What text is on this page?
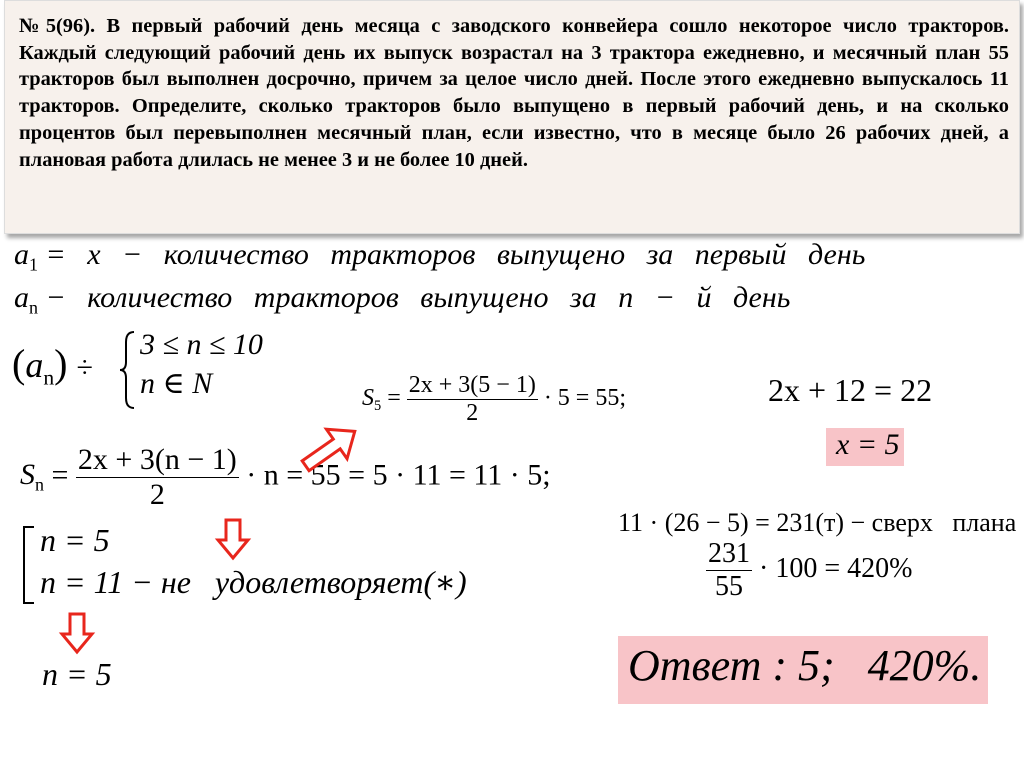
№5(96). В первый рабочий день месяца с заводского конвейера сошло некоторое число тракторов. Каждый следующий рабочий день их выпуск возрастал на 3 трактора ежедневно, и месячный план 55 тракторов был выполнен досрочно, причем за целое число дней. После этого ежедневно выпускалось 11 тракторов. Определите, сколько тракторов было выпущено в первый рабочий день, и на сколько процентов был перевыполнен месячный план, если известно, что в месяце было 26 рабочих дней, а плановая работа длилась не менее 3 и не более 10 дней.
$a_1 = x$ − количество тракторов выпущено за первый день
$a_n$ − количество тракторов выпущено за n − й день
$(a_n)$ ÷
3 ≤ n ≤ 10
n ∈ N	$S_5 = \frac{2x + 3(5 - 1)}{2} \cdot 5 = 55$;
$S_n = \frac{2x + 3(n - 1)}{2} \cdot n = 55 = 5 \cdot 11 = 11 \cdot 5$;
n = 5
n = 11 − не   удовлетворяет(∗)
n = 5
2x + 12 = 22
x = 5

11 · (26 − 5) = 231(т) − сверх   плана

$\frac{231}{55} \cdot 100 = 420\%$
Ответ : 5;   420%.
